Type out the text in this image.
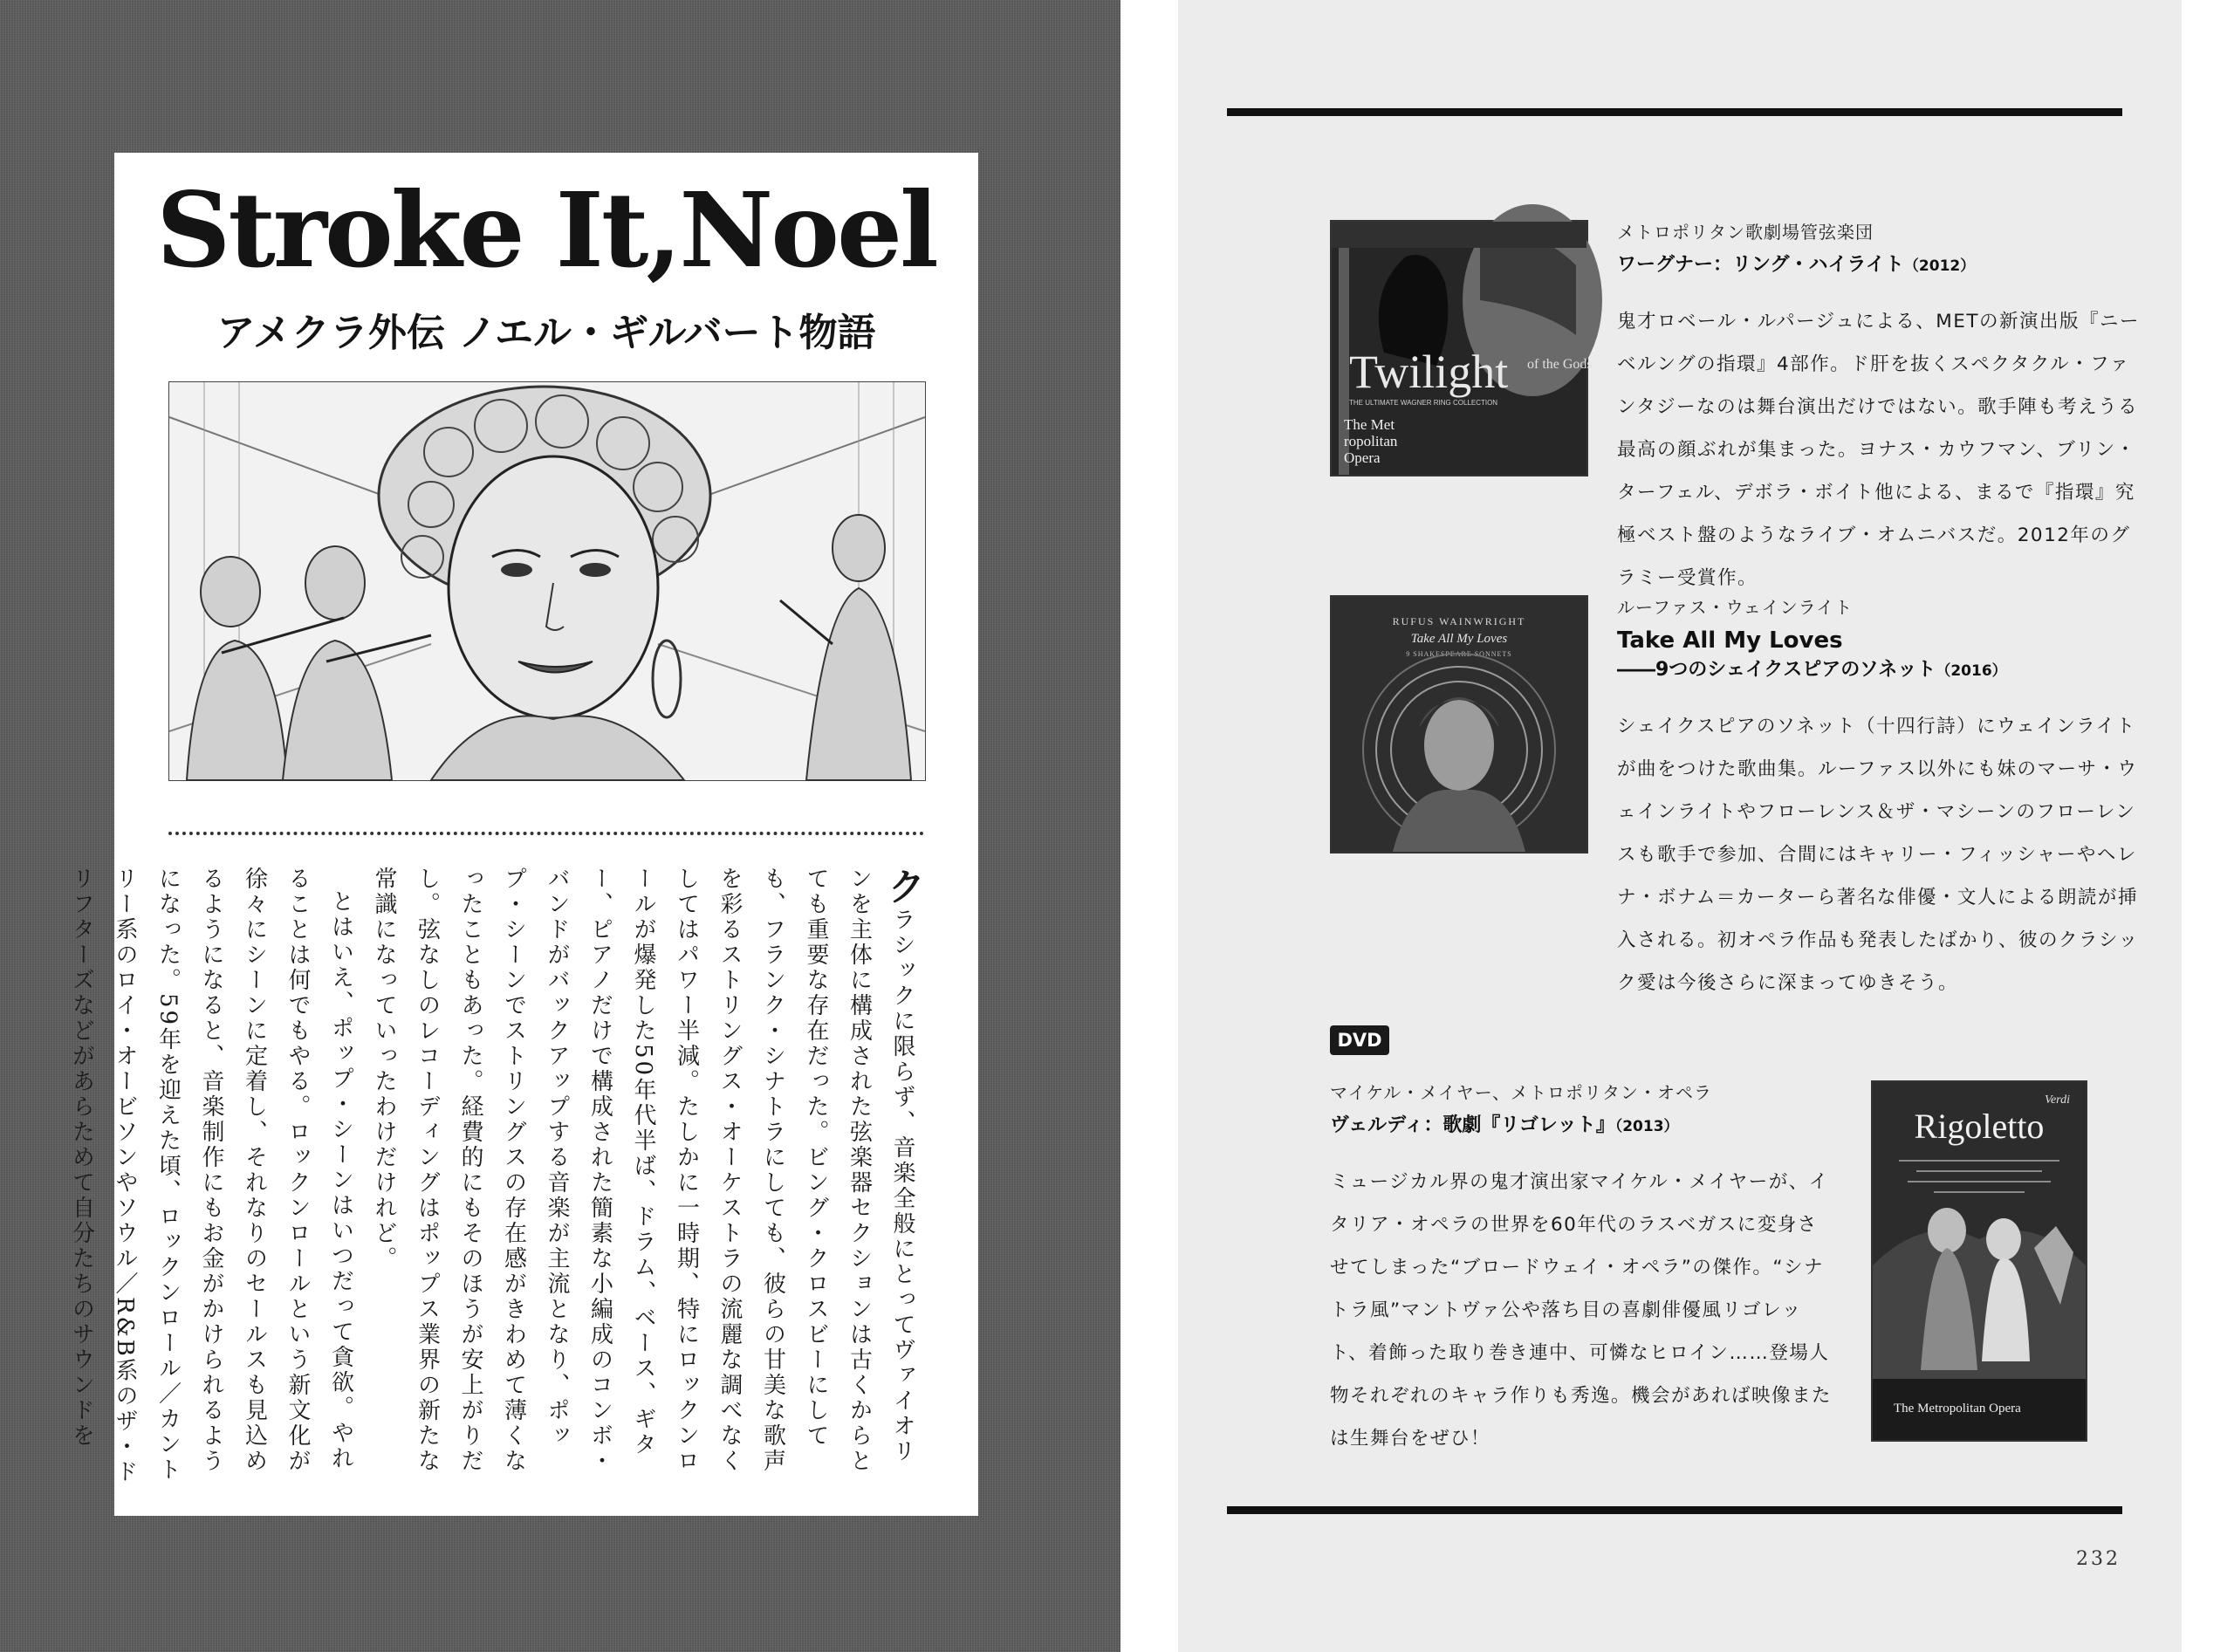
Stroke It,Noel
アメクラ外伝 ノエル・ギルバート物語

クラシックに限らず、音楽全般にとってヴァイオリンを主体に構成された弦楽器セクションは古くからとても重要な存在だった。ビング・クロスビーにしても、フランク・シナトラにしても、彼らの甘美な歌声を彩るストリングス・オーケストラの流麗な調べなくしてはパワー半減。たしかに一時期、特にロックンロールが爆発した50年代半ば、ドラム、ベース、ギター、ピアノだけで構成された簡素な小編成のコンボ・バンドがバックアップする音楽が主流となり、ポップ・シーンでストリングスの存在感がきわめて薄くなったこともあった。経費的にもそのほうが安上がりだし。弦なしのレコーディングはポップス業界の新たな常識になっていったわけだけれど。

とはいえ、ポップ・シーンはいつだって貪欲。やれることは何でもやる。ロックンロールという新文化が徐々にシーンに定着し、それなりのセールスも見込めるようになると、音楽制作にもお金がかけられるようになった。59年を迎えた頃、ロックンロール／カントリー系のロイ・オービソンやソウル／R&B系のザ・ドリフターズなどがあらためて自分たちのサウンドを

Twilight of the Gods
THE ULTIMATE WAGNER RING COLLECTION
The Met
ropolitan
Opera

メトロポリタン歌劇場管弦楽団

ワーグナー：リング・ハイライト（2012）

鬼才ロベール・ルパージュによる、METの新演出版『ニーベルングの指環』4部作。ド肝を抜くスペクタクル・ファンタジーなのは舞台演出だけではない。歌手陣も考えうる最高の顔ぶれが集まった。ヨナス・カウフマン、ブリン・ターフェル、デボラ・ボイト他による、まるで『指環』究極ベスト盤のようなライブ・オムニバスだ。2012年のグラミー受賞作。

RUFUS WAINWRIGHT
Take All My Loves
9 SHAKESPEARE SONNETS

ルーファス・ウェインライト

Take All My Loves

――9つのシェイクスピアのソネット（2016）

シェイクスピアのソネット（十四行詩）にウェインライトが曲をつけた歌曲集。ルーファス以外にも妹のマーサ・ウェインライトやフローレンス＆ザ・マシーンのフローレンスも歌手で参加、合間にはキャリー・フィッシャーやヘレナ・ボナム＝カーターら著名な俳優・文人による朗読が挿入される。初オペラ作品も発表したばかり、彼のクラシック愛は今後さらに深まってゆきそう。

DVD

マイケル・メイヤー、メトロポリタン・オペラ

ヴェルディ：歌劇『リゴレット』（2013）

ミュージカル界の鬼才演出家マイケル・メイヤーが、イタリア・オペラの世界を60年代のラスベガスに変身させてしまった“ブロードウェイ・オペラ”の傑作。“シナトラ風”マントヴァ公や落ち目の喜劇俳優風リゴレット、着飾った取り巻き連中、可憐なヒロイン……登場人物それぞれのキャラ作りも秀逸。機会があれば映像または生舞台をぜひ！

Verdi
Rigoletto
The Metropolitan Opera
232
